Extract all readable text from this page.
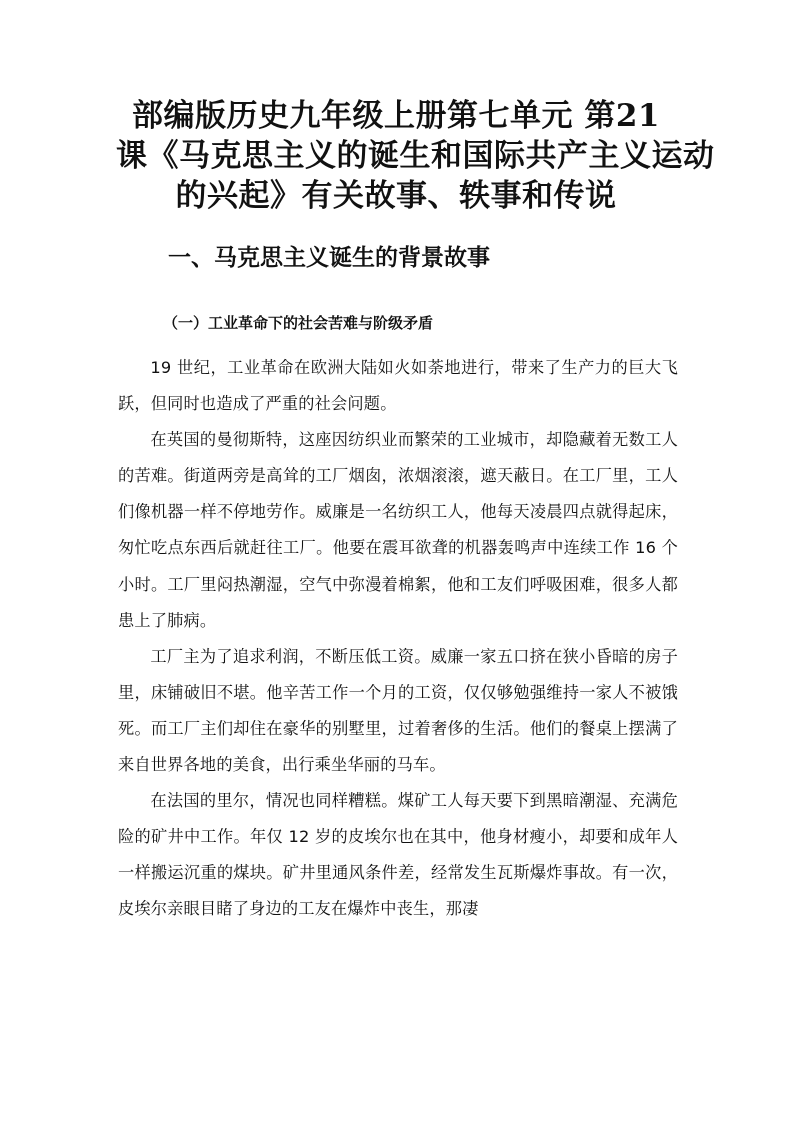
部编版历史九年级上册第七单元 第21
课《马克思主义的诞生和国际共产主义运动
的兴起》有关故事、轶事和传说
一、马克思主义诞生的背景故事
（一）工业革命下的社会苦难与阶级矛盾

19 世纪，工业革命在欧洲大陆如火如荼地进行，带来了生产力的巨大飞跃，但同时也造成了严重的社会问题。

在英国的曼彻斯特，这座因纺织业而繁荣的工业城市，却隐藏着无数工人的苦难。街道两旁是高耸的工厂烟囱，浓烟滚滚，遮天蔽日。在工厂里，工人们像机器一样不停地劳作。威廉是一名纺织工人，他每天凌晨四点就得起床，匆忙吃点东西后就赶往工厂。他要在震耳欲聋的机器轰鸣声中连续工作 16 个小时。工厂里闷热潮湿，空气中弥漫着棉絮，他和工友们呼吸困难，很多人都患上了肺病。

工厂主为了追求利润，不断压低工资。威廉一家五口挤在狭小昏暗的房子里，床铺破旧不堪。他辛苦工作一个月的工资，仅仅够勉强维持一家人不被饿死。而工厂主们却住在豪华的别墅里，过着奢侈的生活。他们的餐桌上摆满了来自世界各地的美食，出行乘坐华丽的马车。

在法国的里尔，情况也同样糟糕。煤矿工人每天要下到黑暗潮湿、充满危险的矿井中工作。年仅 12 岁的皮埃尔也在其中，他身材瘦小，却要和成年人一样搬运沉重的煤块。矿井里通风条件差，经常发生瓦斯爆炸事故。有一次，皮埃尔亲眼目睹了身边的工友在爆炸中丧生，那凄
